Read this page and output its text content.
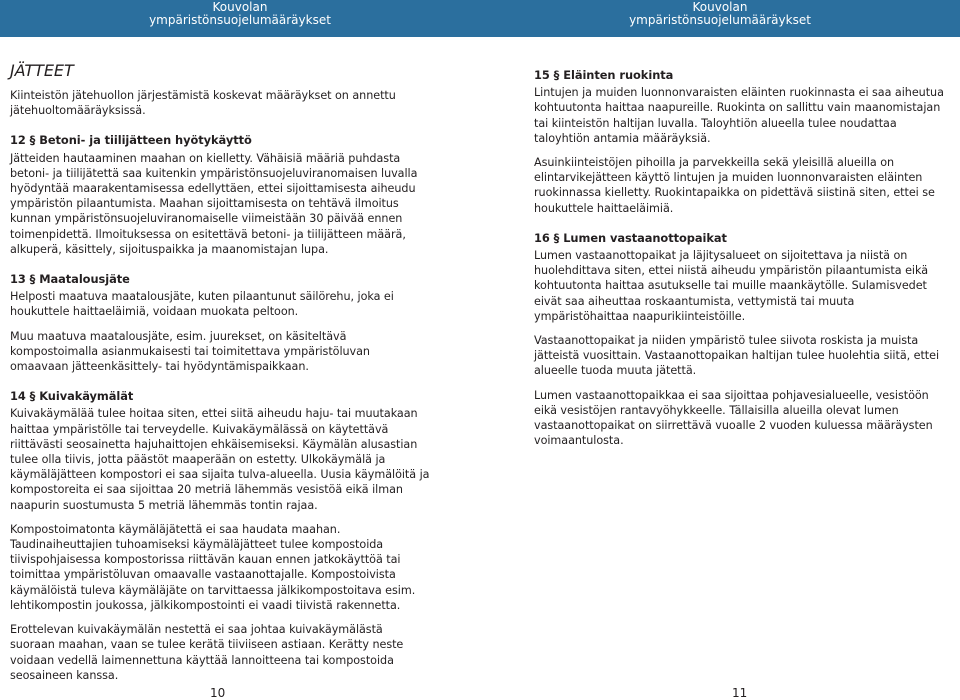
Kouvolan
ympäristönsuojelumääräykset
JÄTTEET

Kiinteistön jätehuollon järjestämistä koskevat määräykset on annettu jätehuoltomääräyksissä.

12 § Betoni- ja tiilijätteen hyötykäyttö

Jätteiden hautaaminen maahan on kielletty. Vähäisiä määriä puhdasta betoni- ja tiilijätettä saa kuitenkin ympäristönsuojeluviranomaisen luvalla hyödyntää maarakentamisessa edellyttäen, ettei sijoittamisesta aiheudu ympäristön pilaantumista. Maahan sijoittamisesta on tehtävä ilmoitus kunnan ympäristönsuojeluviranomaiselle viimeistään 30 päivää ennen toimenpidettä. Ilmoituksessa on esitettävä betoni- ja tiilijätteen määrä, alkuperä, käsittely, sijoituspaikka ja maanomistajan lupa.

13 § Maatalousjäte

Helposti maatuva maatalousjäte, kuten pilaantunut säilörehu, joka ei houkuttele haittaeläimiä, voidaan muokata peltoon.

Muu maatuva maatalousjäte, esim. juurekset, on käsiteltävä kompostoimalla asianmukaisesti tai toimitettava ympäristöluvan omaavaan jätteenkäsittely- tai hyödyntämispaikkaan.

14 § Kuivakäymälät

Kuivakäymälää tulee hoitaa siten, ettei siitä aiheudu haju- tai muutakaan haittaa ympäristölle tai terveydelle. Kuivakäymälässä on käytettävä riittävästi seosainetta hajuhaittojen ehkäisemiseksi. Käymälän alusastian tulee olla tiivis, jotta päästöt maaperään on estetty. Ulkokäymälä ja käymäläjätteen kompostori ei saa sijaita tulva-alueella. Uusia käymälöitä ja kompostoreita ei saa sijoittaa 20 metriä lähemmäs vesistöä eikä ilman naapurin suostumusta 5 metriä lähemmäs tontin rajaa.

Kompostoimatonta käymäläjätettä ei saa haudata maahan. Taudinaiheuttajien tuhoamiseksi käymäläjätteet tulee kompostoida tiivispohjaisessa kompostorissa riittävän kauan ennen jatkokäyttöä tai toimittaa ympäristöluvan omaavalle vastaanottajalle. Kompostoivista käymälöistä tuleva käymäläjäte on tarvittaessa jälkikompostoitava esim. lehtikompostin joukossa, jälkikompostointi ei vaadi tiivistä rakennetta.

Erottelevan kuivakäymälän nestettä ei saa johtaa kuivakäymälästä suoraan maahan, vaan se tulee kerätä tiiviiseen astiaan. Kerätty neste voidaan vedellä laimennettuna käyttää lannoitteena tai kompostoida seosaineen kanssa.

10
Kouvolan
ympäristönsuojelumääräykset
15 § Eläinten ruokinta

Lintujen ja muiden luonnonvaraisten eläinten ruokinnasta ei saa aiheutua kohtuutonta haittaa naapureille. Ruokinta on sallittu vain maanomistajan tai kiinteistön haltijan luvalla. Taloyhtiön alueella tulee noudattaa taloyhtiön antamia määräyksiä.

Asuinkiinteistöjen pihoilla ja parvekkeilla sekä yleisillä alueilla on elintarvikejätteen käyttö lintujen ja muiden luonnonvaraisten eläinten ruokinnassa kielletty. Ruokintapaikka on pidettävä siistinä siten, ettei se houkuttele haittaeläimiä.

16 § Lumen vastaanottopaikat

Lumen vastaanottopaikat ja läjitysalueet on sijoitettava ja niistä on huolehdittava siten, ettei niistä aiheudu ympäristön pilaantumista eikä kohtuutonta haittaa asutukselle tai muille maankäytölle. Sulamisvedet eivät saa aiheuttaa roskaantumista, vettymistä tai muuta ympäristöhaittaa naapurikiinteistöille.

Vastaanottopaikat ja niiden ympäristö tulee siivota roskista ja muista jätteistä vuosittain. Vastaanottopaikan haltijan tulee huolehtia siitä, ettei alueelle tuoda muuta jätettä.

Lumen vastaanottopaikkaa ei saa sijoittaa pohjavesialueelle, vesistöön eikä vesistöjen rantavyöhykkeelle. Tällaisilla alueilla olevat lumen vastaanottopaikat on siirrettävä vuoalle 2 vuoden kuluessa määräysten voimaantulosta.

11
